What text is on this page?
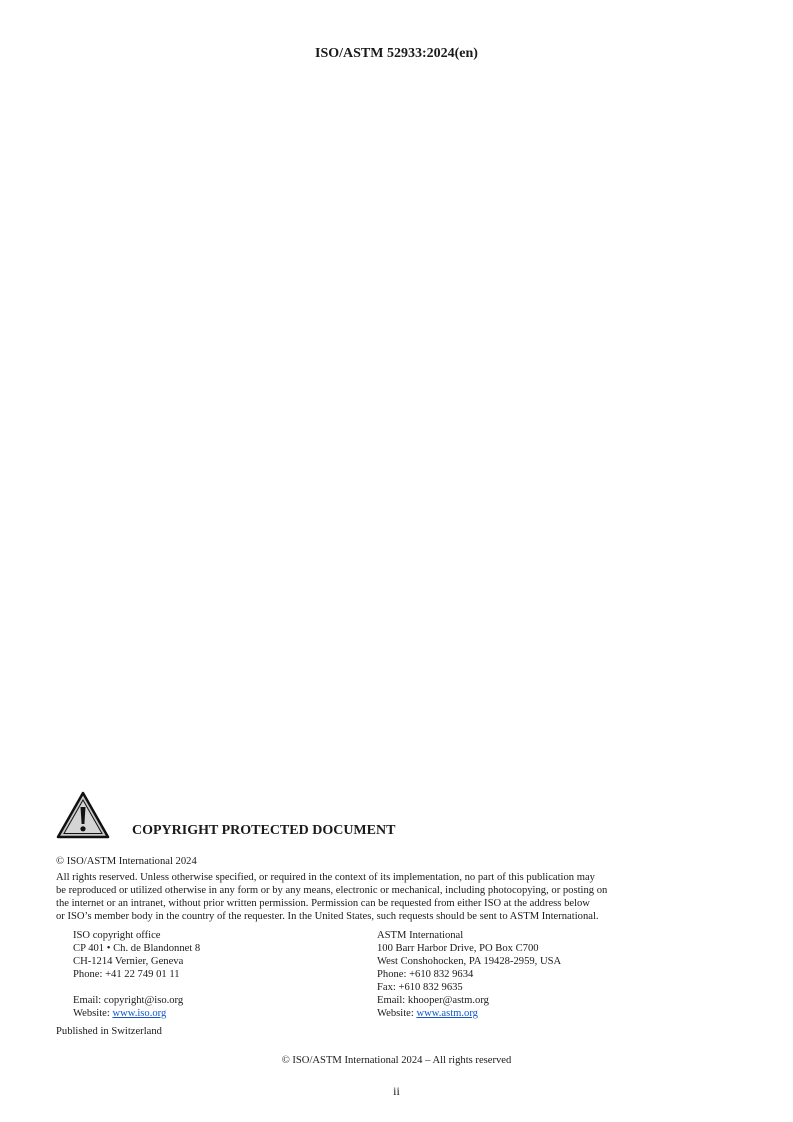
ISO/ASTM 52933:2024(en)
COPYRIGHT PROTECTED DOCUMENT
© ISO/ASTM International 2024
All rights reserved. Unless otherwise specified, or required in the context of its implementation, no part of this publication may
be reproduced or utilized otherwise in any form or by any means, electronic or mechanical, including photocopying, or posting on
the internet or an intranet, without prior written permission. Permission can be requested from either ISO at the address below
or ISO’s member body in the country of the requester. In the United States, such requests should be sent to ASTM International.
ISO copyright office
CP 401 • Ch. de Blandonnet 8
CH-1214 Vernier, Geneva
Phone: +41 22 749 01 11
Email: copyright@iso.org
Website: www.iso.org
ASTM International
100 Barr Harbor Drive, PO Box C700
West Conshohocken, PA 19428-2959, USA
Phone: +610 832 9634
Fax: +610 832 9635
Email: khooper@astm.org
Website: www.astm.org
Published in Switzerland
© ISO/ASTM International 2024 – All rights reserved
ii
